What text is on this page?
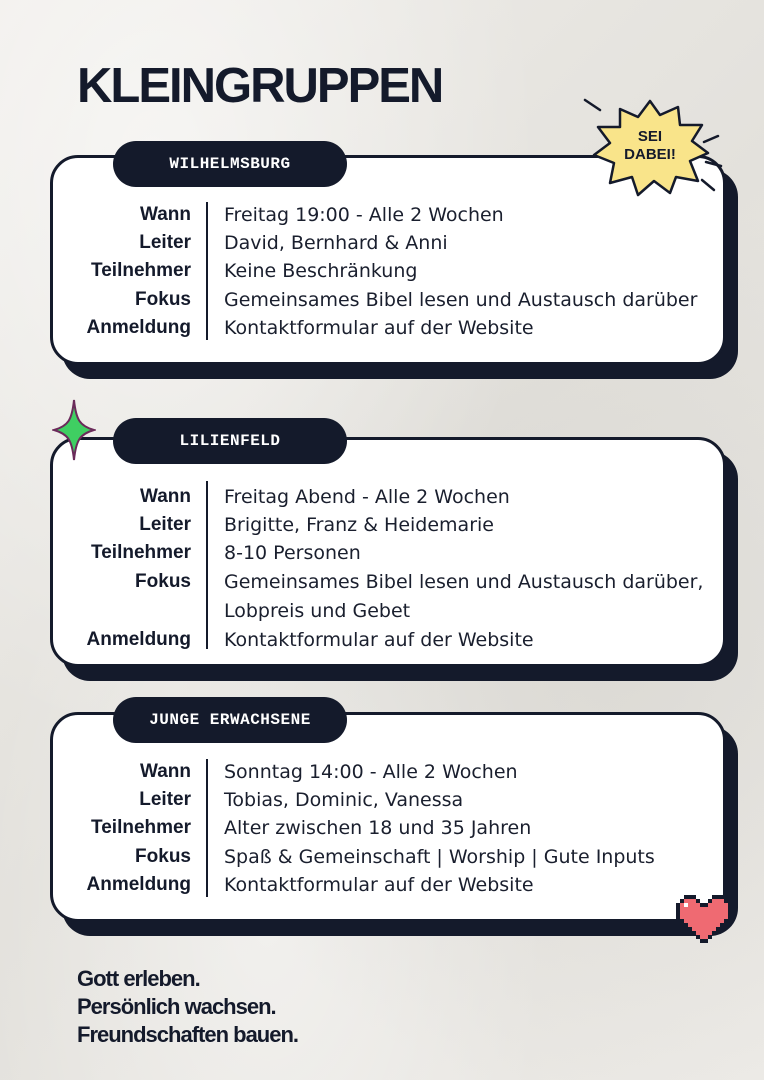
KLEINGRUPPEN
Wann Freitag 19:00 - Alle 2 Wochen
Leiter David, Bernhard & Anni
Teilnehmer Keine Beschränkung
Fokus Gemeinsames Bibel lesen und Austausch darüber
Anmeldung Kontaktformular auf der Website
WILHELMSBURG
Wann Freitag Abend - Alle 2 Wochen
Leiter Brigitte, Franz & Heidemarie
Teilnehmer 8-10 Personen
Fokus Gemeinsames Bibel lesen und Austausch darüber,
Lobpreis und Gebet
Anmeldung Kontaktformular auf der Website
LILIENFELD
Wann Sonntag 14:00 - Alle 2 Wochen
Leiter Tobias, Dominic, Vanessa
Teilnehmer Alter zwischen 18 und 35 Jahren
Fokus Spaß & Gemeinschaft | Worship | Gute Inputs
Anmeldung Kontaktformular auf der Website
JUNGE ERWACHSENE
SEI
DABEI!
Gott erleben.
Persönlich wachsen.
Freundschaften bauen.
